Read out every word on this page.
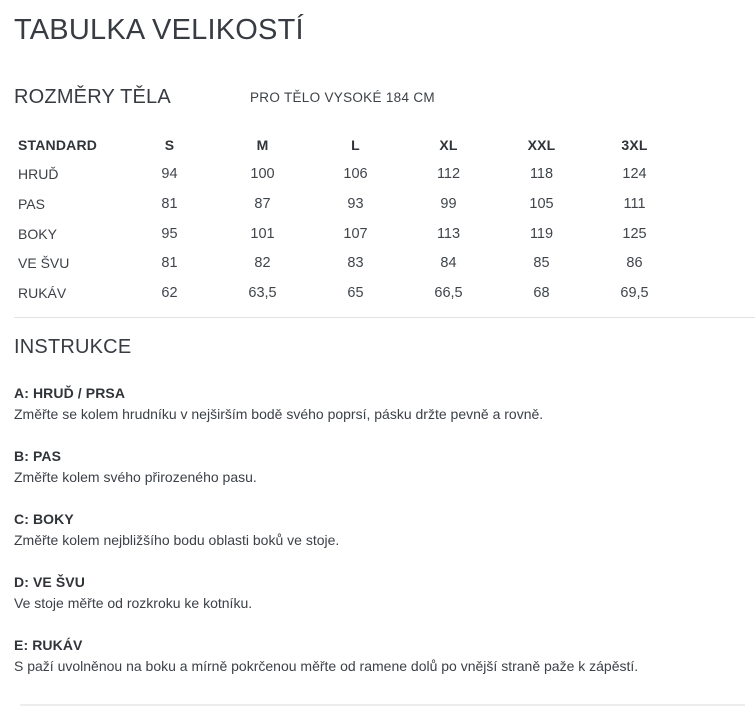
TABULKA VELIKOSTÍ
ROZMĚRY TĚLA	PRO TĚLO VYSOKÉ 184 CM
STANDARD	S	M	L	XL	XXL	3XL
HRUĎ	94	100	106	112	118	124
PAS	81	87	93	99	105	111
BOKY	95	101	107	113	119	125
VE ŠVU	81	82	83	84	85	86
RUKÁV	62	63,5	65	66,5	68	69,5
INSTRUKCE
A: HRUĎ / PRSA
Změřte se kolem hrudníku v nejširším bodě svého poprsí, pásku držte pevně a rovně.
B: PAS
Změřte kolem svého přirozeného pasu.
C: BOKY
Změřte kolem nejbližšího bodu oblasti boků ve stoje.
D: VE ŠVU
Ve stoje měřte od rozkroku ke kotníku.
E: RUKÁV
S paží uvolněnou na boku a mírně pokrčenou měřte od ramene dolů po vnější straně paže k zápěstí.
